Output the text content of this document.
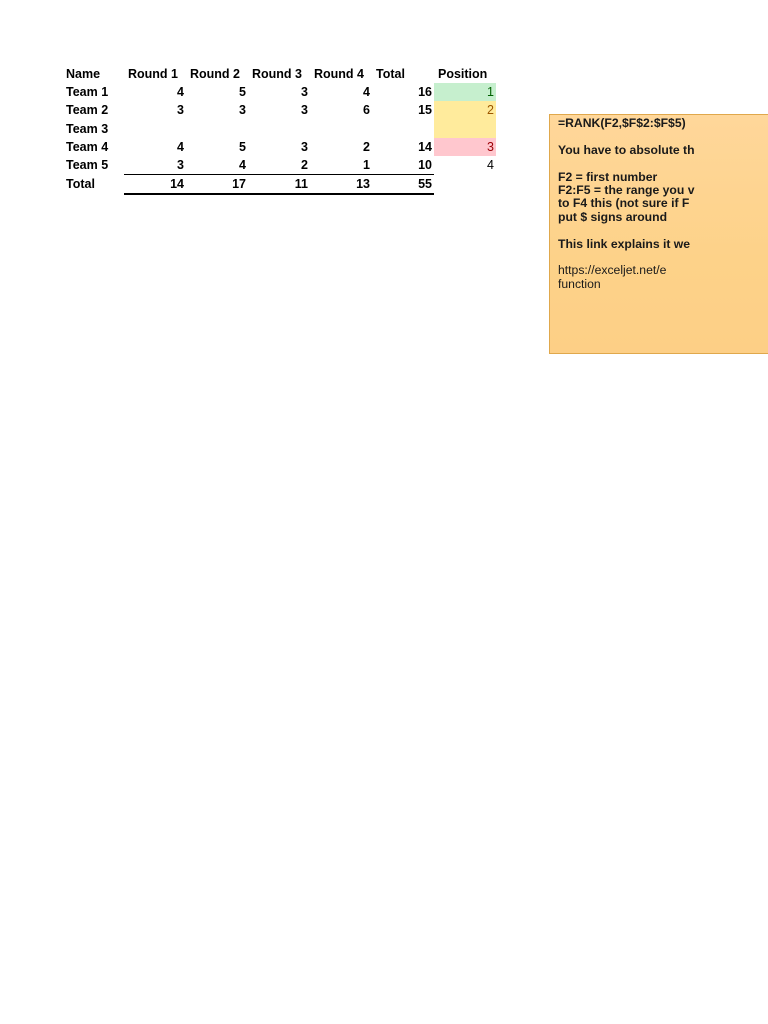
Name	Round 1	Round 2	Round 3	Round 4	Total	Position
Team 1	4	5	3	4	16	1
Team 2	3	3	3	6	15	2
Team 3						
Team 4	4	5	3	2	14	3
Team 5	3	4	2	1	10	4
Total	14	17	11	13	55	

=RANK(F2,$F$2:$F$5)

You have to absolute th

F2 = first number

F2:F5 = the range you v

to F4 this (not sure if F

put $ signs around

This link explains it we

https://exceljet.net/e

function
